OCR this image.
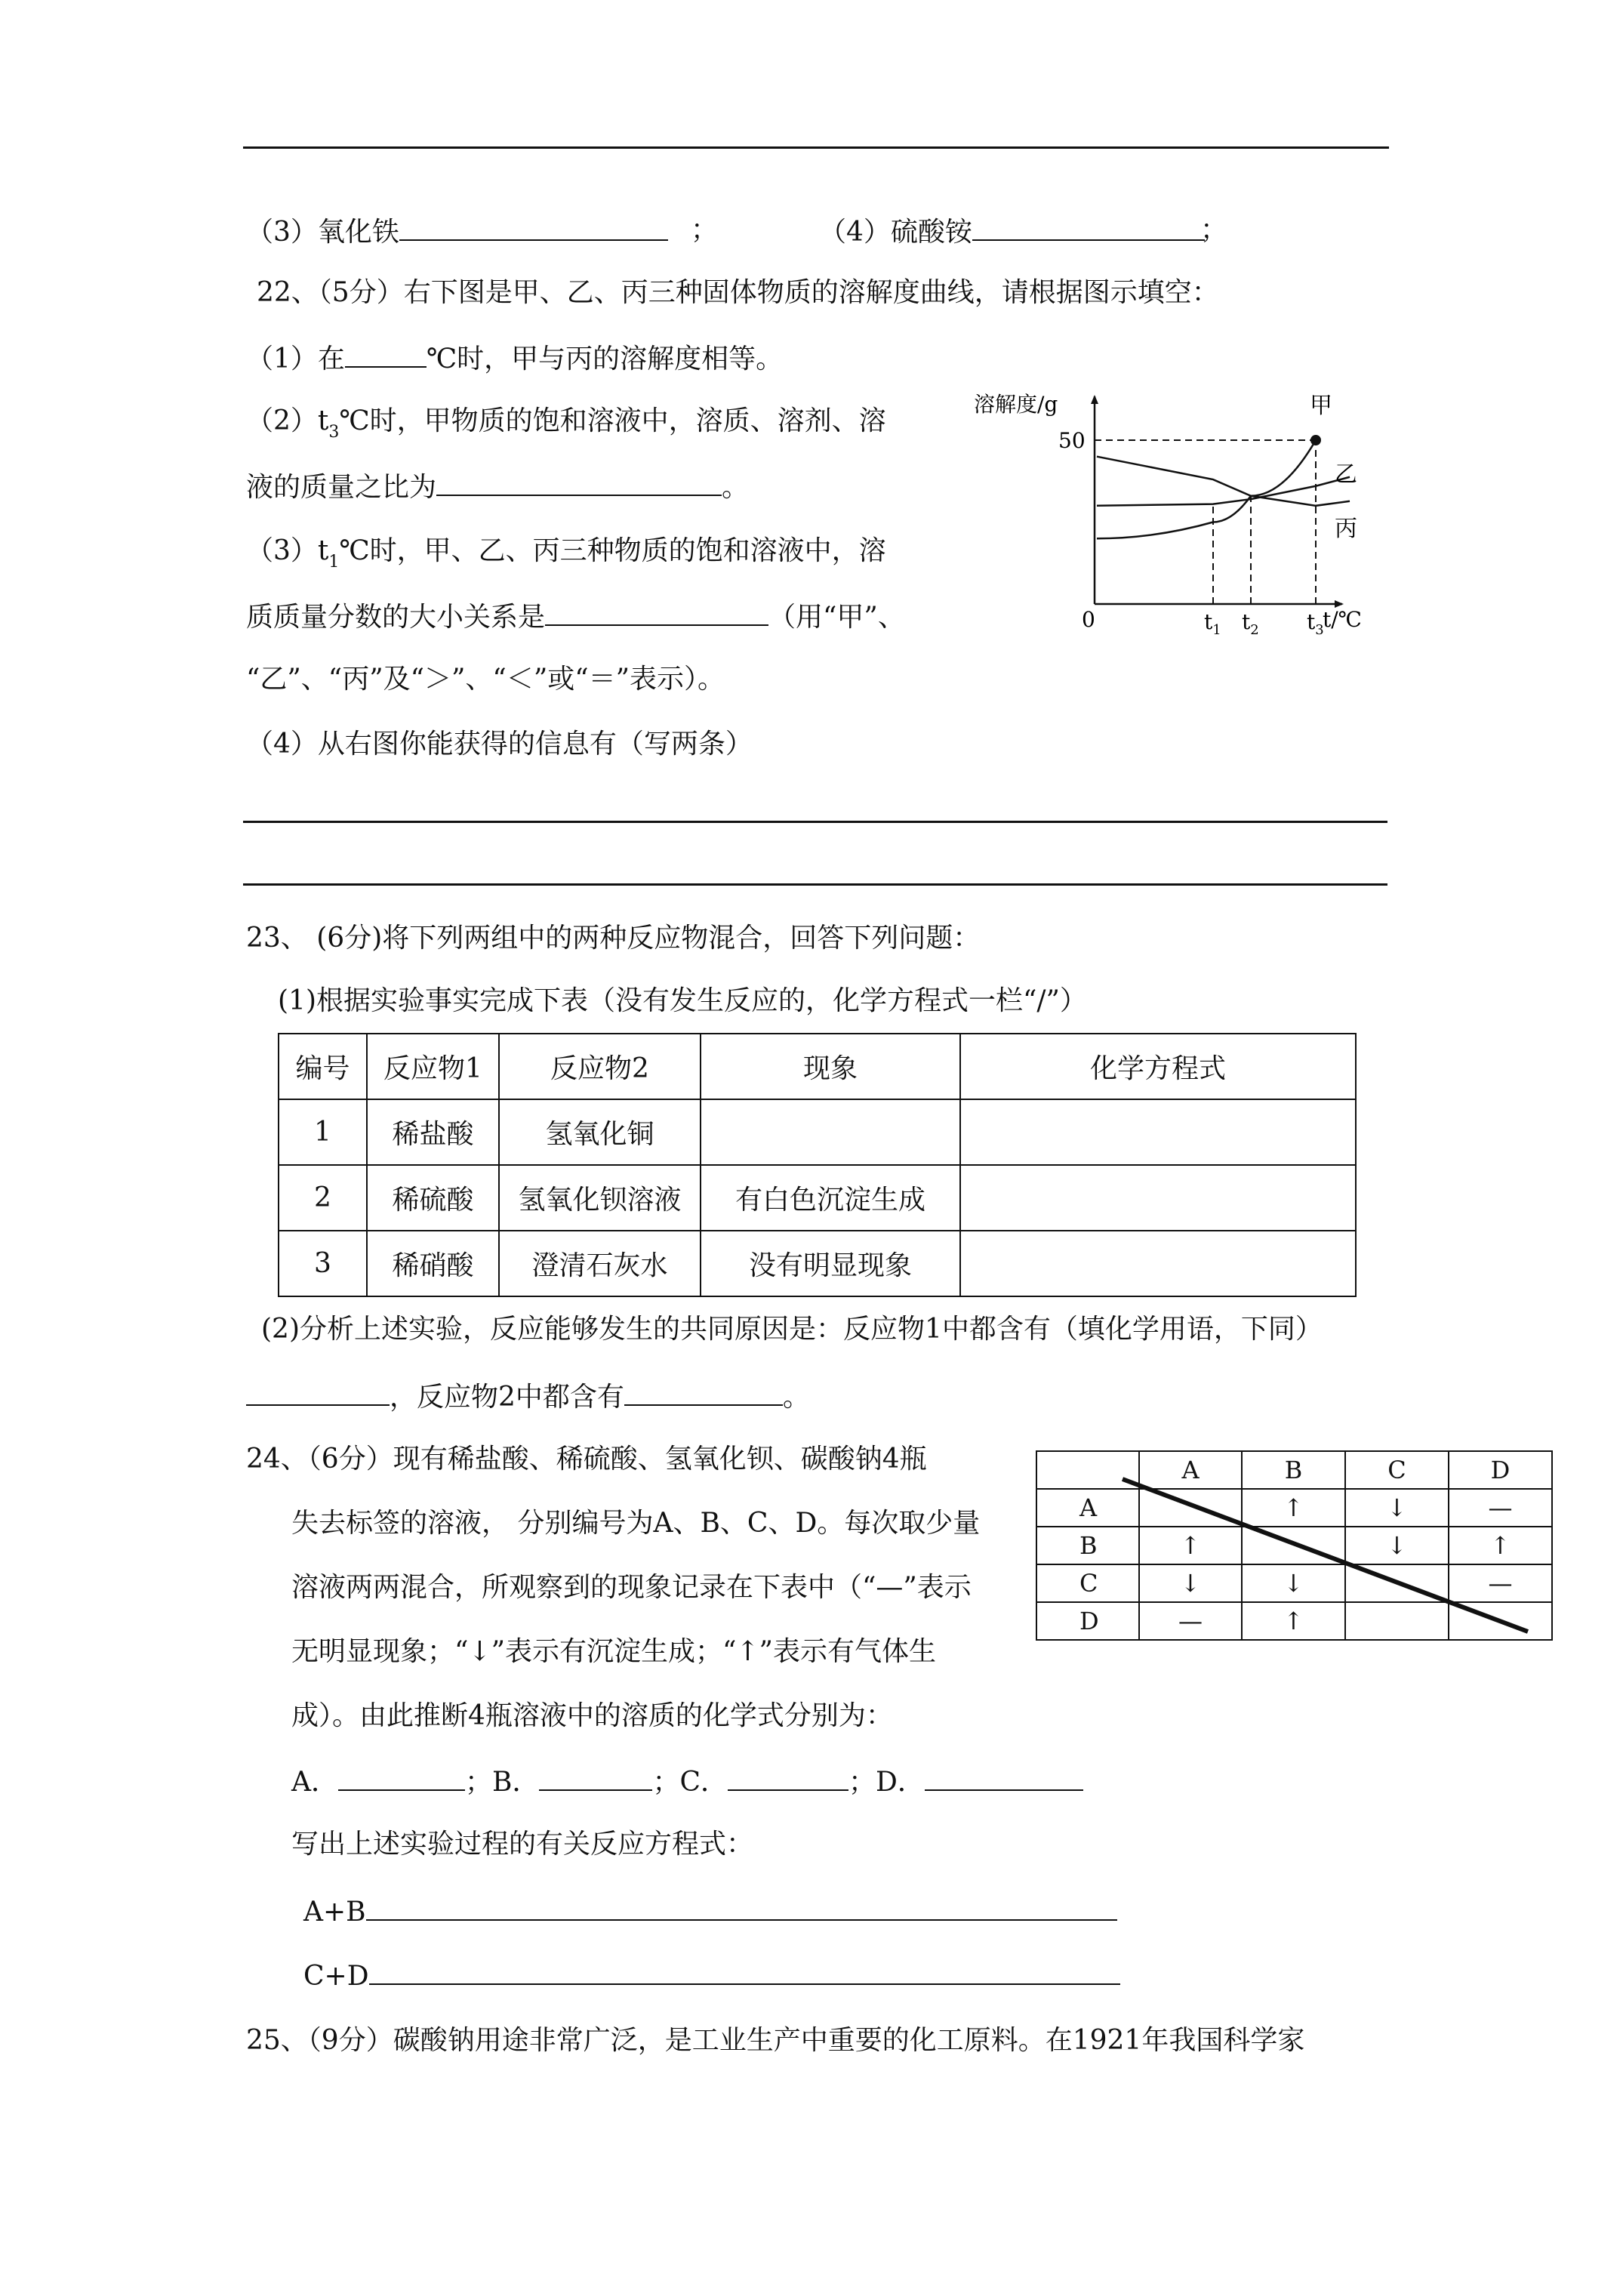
（3）氧化铁	；	（4）硫酸铵	；
22、（5分）右下图是甲、乙、丙三种固体物质的溶解度曲线，请根据图示填空：
（1）在	℃时，甲与丙的溶解度相等。
$(2)t_3℃$时，甲物质的饱和溶液中，溶质、溶剂、溶
液的质量之比为	。
$(3)t_1℃$时，甲、乙、丙三种物质的饱和溶液中，溶
质质量分数的大小关系是	（用“甲”、
“乙”、“丙”及“＞”、“＜”或“＝”表示）。
（4）从右图你能获得的信息有（写两条）
溶解度/g
t/℃
0
50
$t_1$ $t_2$ $t_3$
甲
乙
丙
23、 (6分)将下列两组中的两种反应物混合，回答下列问题：
(1)根据实验事实完成下表（没有发生反应的，化学方程式一栏“/”）
编号	反应物1	反应物2	现象	化学方程式
1	稀盐酸	氢氧化铜		
2	稀硫酸	氢氧化钡溶液	有白色沉淀生成	
3	稀硝酸	澄清石灰水	没有明显现象	
(2)分析上述实验，反应能够发生的共同原因是：反应物1中都含有（填化学用语，下同）
，反应物2中都含有	。
24、（6分）现有稀盐酸、稀硫酸、氢氧化钡、碳酸钠4瓶
失去标签的溶液， 分别编号为A、B、C、D。每次取少量
溶液两两混合，所观察到的现象记录在下表中（“—”表示
无明显现象；“↓”表示有沉淀生成；“↑”表示有气体生
成）。由此推断4瓶溶液中的溶质的化学式分别为：
A．	；B．	；C．	；D．
写出上述实验过程的有关反应方程式：
A+B
C+D
	A	B	C	D
A		↑	↓	—
B	↑		↓	↑
C	↓	↓		—
D	—	↑		
25、（9分）碳酸钠用途非常广泛，是工业生产中重要的化工原料。在1921年我国科学家
